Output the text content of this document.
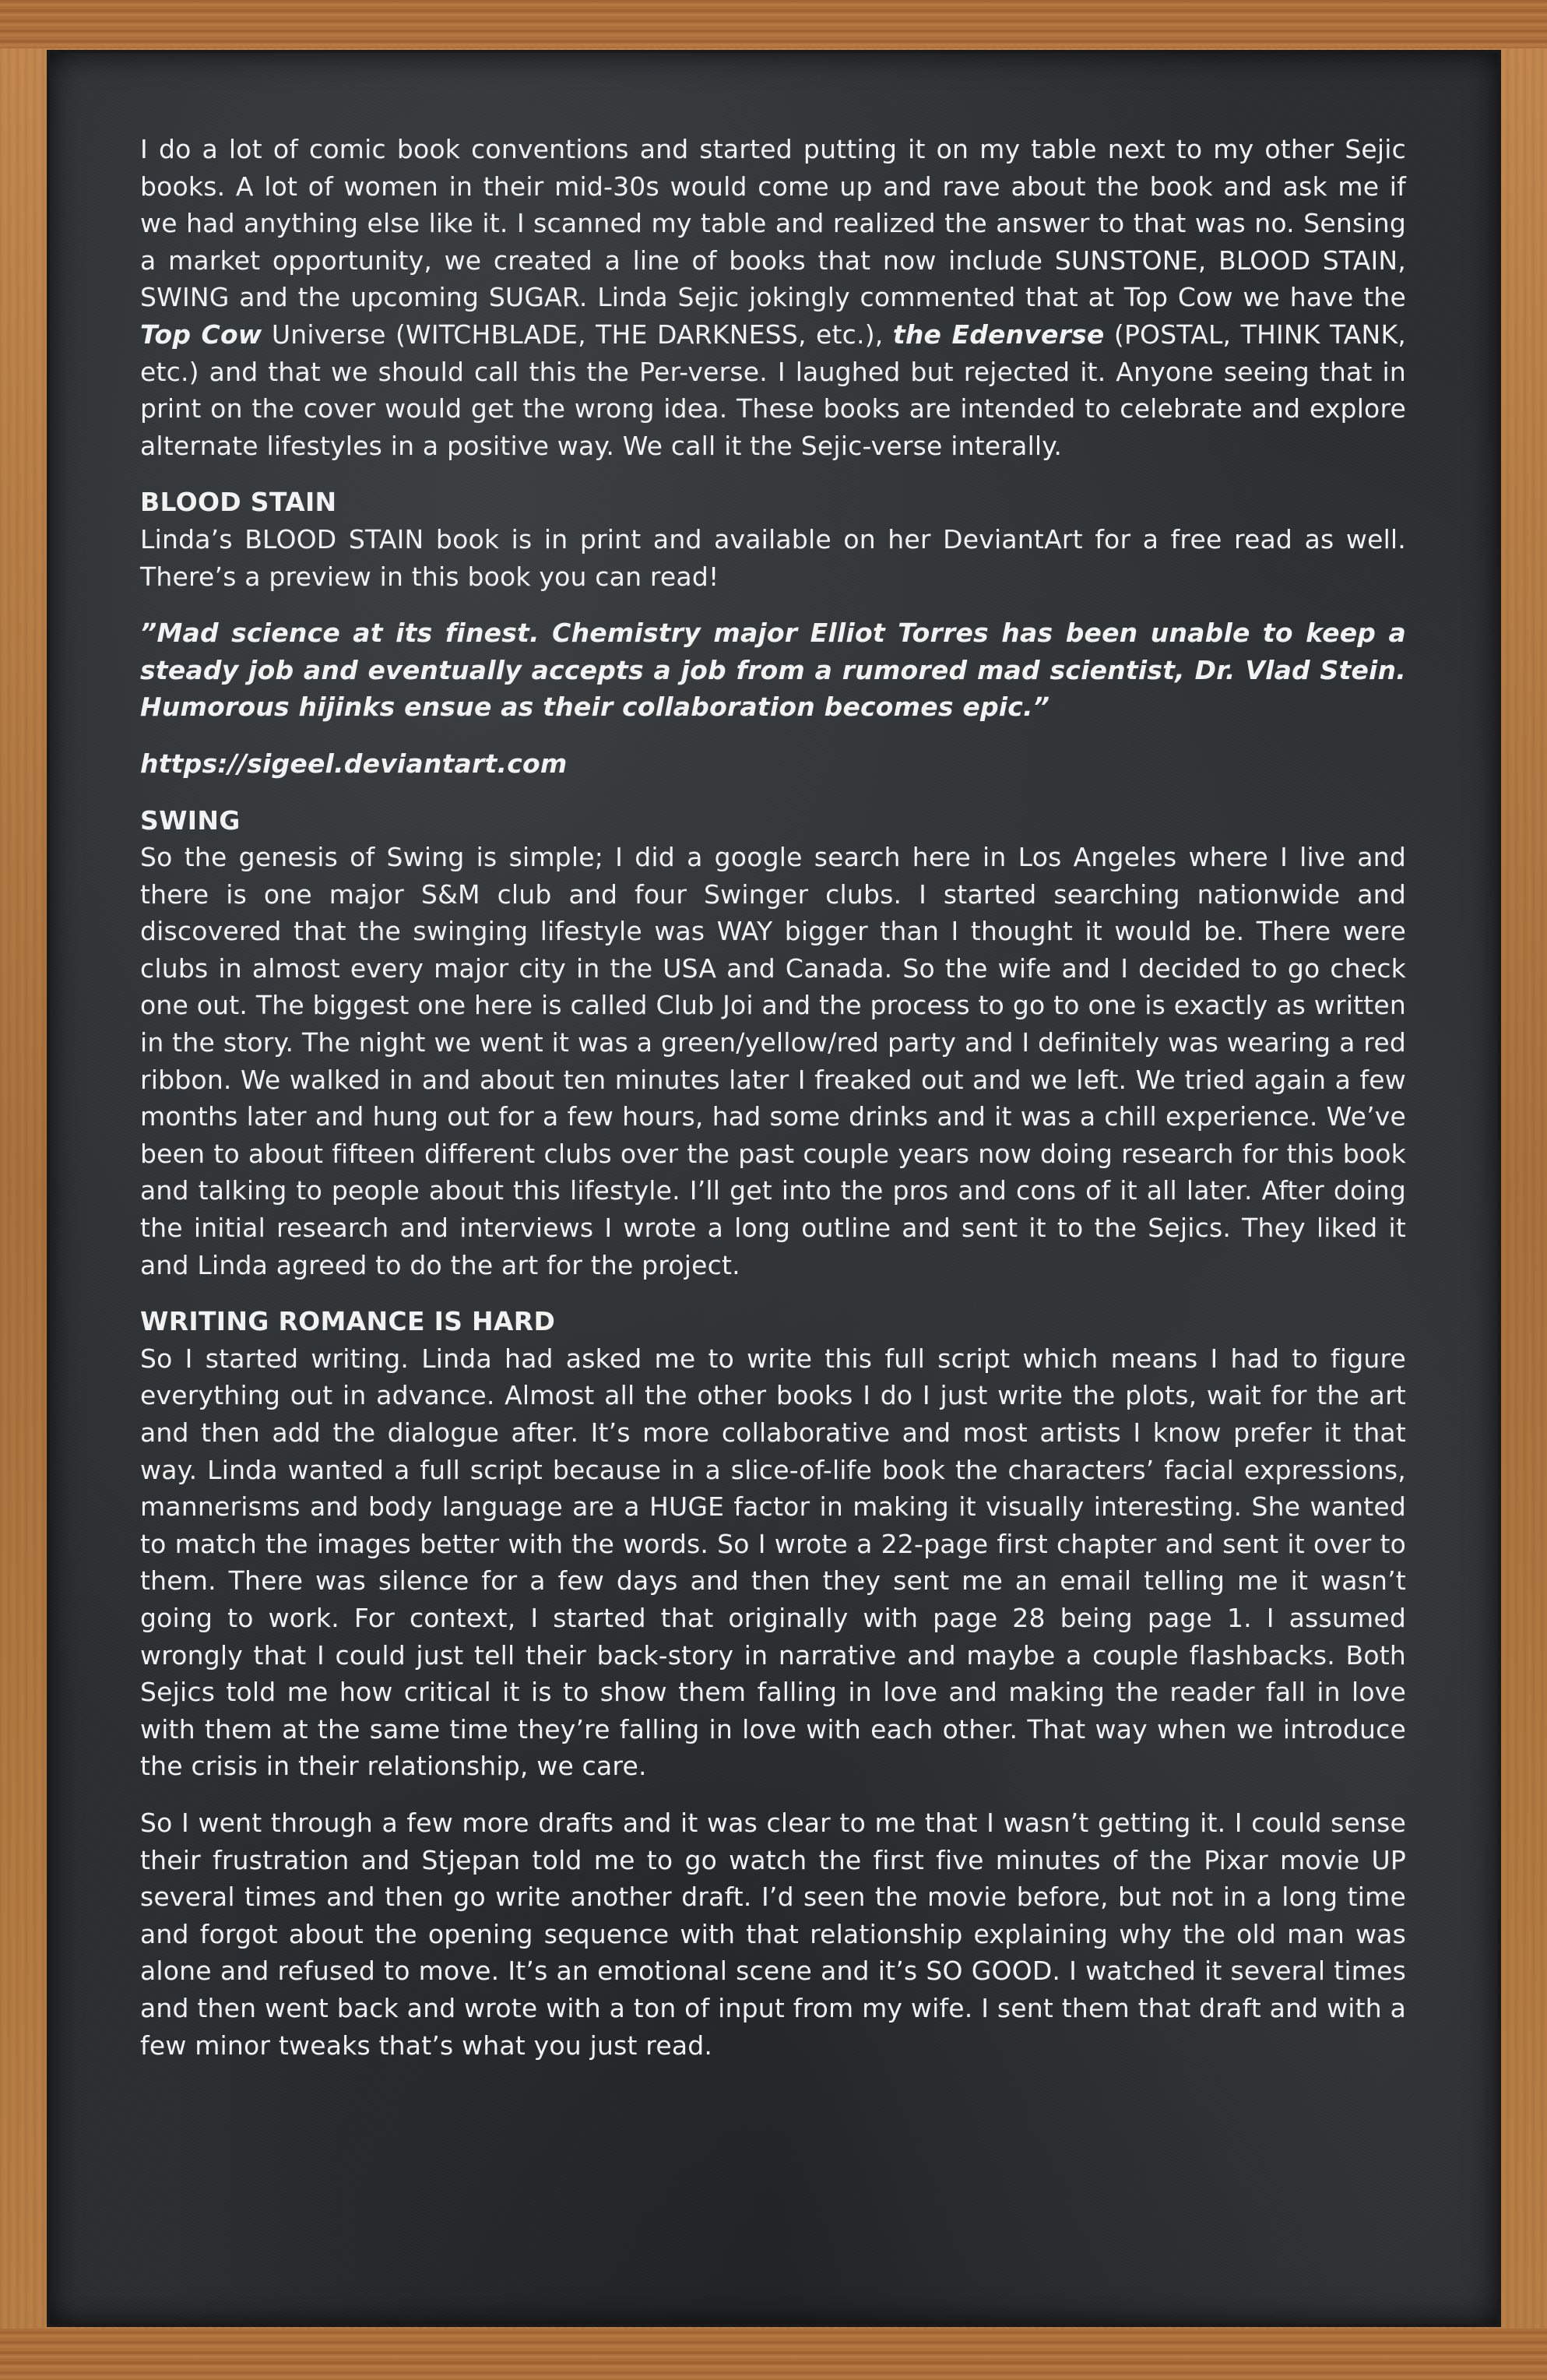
I do a lot of comic book conventions and started putting it on my table next to my other Sejic books. A lot of women in their mid-30s would come up and rave about the book and ask me if we had anything else like it. I scanned my table and realized the answer to that was no. Sensing a market opportunity, we created a line of books that now include SUNSTONE, BLOOD STAIN, SWING and the upcoming SUGAR. Linda Sejic jokingly commented that at Top Cow we have the Top Cow Universe (WITCHBLADE, THE DARKNESS, etc.), the Edenverse (POSTAL, THINK TANK, etc.) and that we should call this the Per-verse. I laughed but rejected it. Anyone seeing that in print on the cover would get the wrong idea. These books are intended to celebrate and explore alternate lifestyles in a positive way. We call it the Sejic-verse interally.

BLOOD STAIN

Linda’s BLOOD STAIN book is in print and available on her DeviantArt for a free read as well. There’s a preview in this book you can read!

”Mad science at its finest. Chemistry major Elliot Torres has been unable to keep a steady job and eventually accepts a job from a rumored mad scientist, Dr. Vlad Stein. Humorous hijinks ensue as their collaboration becomes epic.”

https://sigeel.deviantart.com

SWING

So the genesis of Swing is simple; I did a google search here in Los Angeles where I live and there is one major S&M club and four Swinger clubs. I started searching nationwide and discovered that the swinging lifestyle was WAY bigger than I thought it would be. There were clubs in almost every major city in the USA and Canada. So the wife and I decided to go check one out. The biggest one here is called Club Joi and the process to go to one is exactly as written in the story. The night we went it was a green/yellow/red party and I definitely was wearing a red ribbon. We walked in and about ten minutes later I freaked out and we left. We tried again a few months later and hung out for a few hours, had some drinks and it was a chill experience. We’ve been to about fifteen different clubs over the past couple years now doing research for this book and talking to people about this lifestyle. I’ll get into the pros and cons of it all later. After doing the initial research and interviews I wrote a long outline and sent it to the Sejics. They liked it and Linda agreed to do the art for the project.

WRITING ROMANCE IS HARD

So I started writing. Linda had asked me to write this full script which means I had to figure everything out in advance. Almost all the other books I do I just write the plots, wait for the art and then add the dialogue after. It’s more collaborative and most artists I know prefer it that way. Linda wanted a full script because in a slice-of-life book the characters’ facial expressions, mannerisms and body language are a HUGE factor in making it visually interesting. She wanted to match the images better with the words. So I wrote a 22-page first chapter and sent it over to them. There was silence for a few days and then they sent me an email telling me it wasn’t going to work. For context, I started that originally with page 28 being page 1. I assumed wrongly that I could just tell their back-story in narrative and maybe a couple flashbacks. Both Sejics told me how critical it is to show them falling in love and making the reader fall in love with them at the same time they’re falling in love with each other. That way when we introduce the crisis in their relationship, we care.

So I went through a few more drafts and it was clear to me that I wasn’t getting it. I could sense their frustration and Stjepan told me to go watch the first five minutes of the Pixar movie UP several times and then go write another draft. I’d seen the movie before, but not in a long time and forgot about the opening sequence with that relationship explaining why the old man was alone and refused to move. It’s an emotional scene and it’s SO GOOD. I watched it several times and then went back and wrote with a ton of input from my wife. I sent them that draft and with a few minor tweaks that’s what you just read.
